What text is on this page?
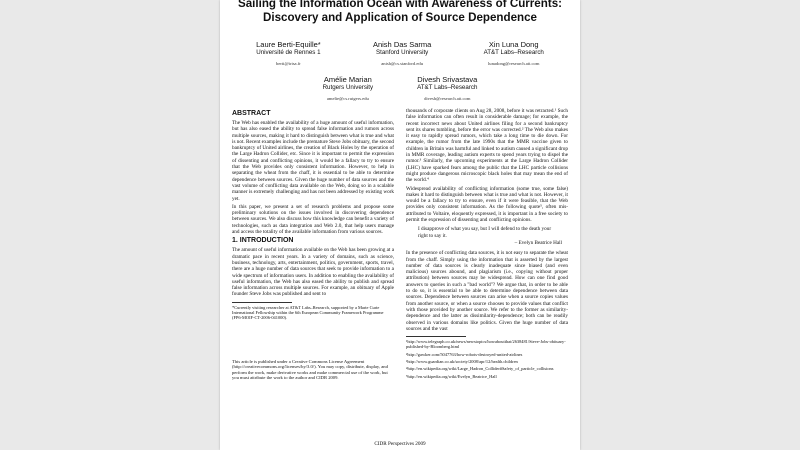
Sailing the Information Ocean with Awareness of Currents:
Discovery and Application of Source Dependence
Laure Berti-Equille*
Université de Rennes 1
berti@irisa.fr
Anish Das Sarma
Stanford University
anish@cs.stanford.edu
Xin Luna Dong
AT&T Labs–Research
lunadong@research.att.com
Amélie Marian
Rutgers University
amelie@cs.rutgers.edu
Divesh Srivastava
AT&T Labs–Research
divesh@research.att.com
ABSTRACT

The Web has enabled the availability of a huge amount of useful information, but has also eased the ability to spread false information and rumors across multiple sources, making it hard to distinguish between what is true and what is not. Recent examples include the premature Steve Jobs obituary, the second bankruptcy of United airlines, the creation of Black Holes by the operation of the Large Hadron Collider, etc. Since it is important to permit the expression of dissenting and conflicting opinions, it would be a fallacy to try to ensure that the Web provides only consistent information. However, to help in separating the wheat from the chaff, it is essential to be able to determine dependence between sources. Given the huge number of data sources and the vast volume of conflicting data available on the Web, doing so in a scalable manner is extremely challenging and has not been addressed by existing work yet.

In this paper, we present a set of research problems and propose some preliminary solutions on the issues involved in discovering dependence between sources. We also discuss how this knowledge can benefit a variety of technologies, such as data integration and Web 2.0, that help users manage and access the totality of the available information from various sources.

1. INTRODUCTION

The amount of useful information available on the Web has been growing at a dramatic pace in recent years. In a variety of domains, such as science, business, technology, arts, entertainment, politics, government, sports, travel, there are a huge number of data sources that seek to provide information to a wide spectrum of information users. In addition to enabling the availability of useful information, the Web has also eased the ability to publish and spread false information across multiple sources. For example, an obituary of Apple founder Steve Jobs was published and sent to

*Currently visiting researcher at AT&T Labs–Research, supported by a Marie Curie International Fellowship within the 6th European Community Framework Programme (FP6-MOIF-CT-2006-041000).
This article is published under a Creative Commons License Agreement (http://creativecommons.org/licenses/by/3.0/). You may copy, distribute, display, and perform the work, make derivative works and make commercial use of the work, but you must attribute the work to the author and CIDR 2009.

thousands of corporate clients on Aug 28, 2008, before it was retracted.¹ Such false information can often result in considerable damage; for example, the recent incorrect news about United airlines filing for a second bankruptcy sent its shares tumbling, before the error was corrected.² The Web also makes it easy to rapidly spread rumors, which take a long time to die down. For example, the rumor from the late 1990s that the MMR vaccine given to children in Britain was harmful and linked to autism caused a significant drop in MMR coverage, leading autism experts to spend years trying to dispel the rumor.³ Similarly, the upcoming experiments at the Large Hadron Collider (LHC) have sparked fears among the public that the LHC particle collisions might produce dangerous microscopic black holes that may mean the end of the world.⁴

Widespread availability of conflicting information (some true, some false) makes it hard to distinguish between what is true and what is not. However, it would be a fallacy to try to ensure, even if it were feasible, that the Web provides only consistent information. As the following quote⁵, often mis-attributed to Voltaire, eloquently expressed, it is important in a free society to permit the expression of dissenting and conflicting opinions.

I disapprove of what you say, but I will defend to the death your right to say it.
– Evelyn Beatrice Hall

In the presence of conflicting data sources, it is not easy to separate the wheat from the chaff. Simply using the information that is asserted by the largest number of data sources is clearly inadequate since biased (and even malicious) sources abound, and plagiarism (i.e., copying without proper attribution) between sources may be widespread. How can one find good answers to queries in such a "bad world"? We argue that, in order to be able to do so, it is essential to be able to determine dependence between data sources. Dependence between sources can arise when a source copies values from another source, or when a source chooses to provide values that conflict with those provided by another source. We refer to the former as similarity-dependence and the latter as dissimilarity-dependence; both can be readily observed in various domains like politics. Given the huge number of data sources and the vast

¹http://www.telegraph.co.uk/news/newstopics/howaboutthat/2638481/Steve-Jobs-obituary-published-by-Bloomberg.html
²http://gawker.com/5047763/how-robots-destroyed-united-airlines
³http://www.guardian.co.uk/society/2008/apr/12/health.children
⁴http://en.wikipedia.org/wiki/Large_Hadron_Collider#Safety_of_particle_collisions
⁵http://en.wikipedia.org/wiki/Evelyn_Beatrice_Hall
CIDR Perspectives 2009
